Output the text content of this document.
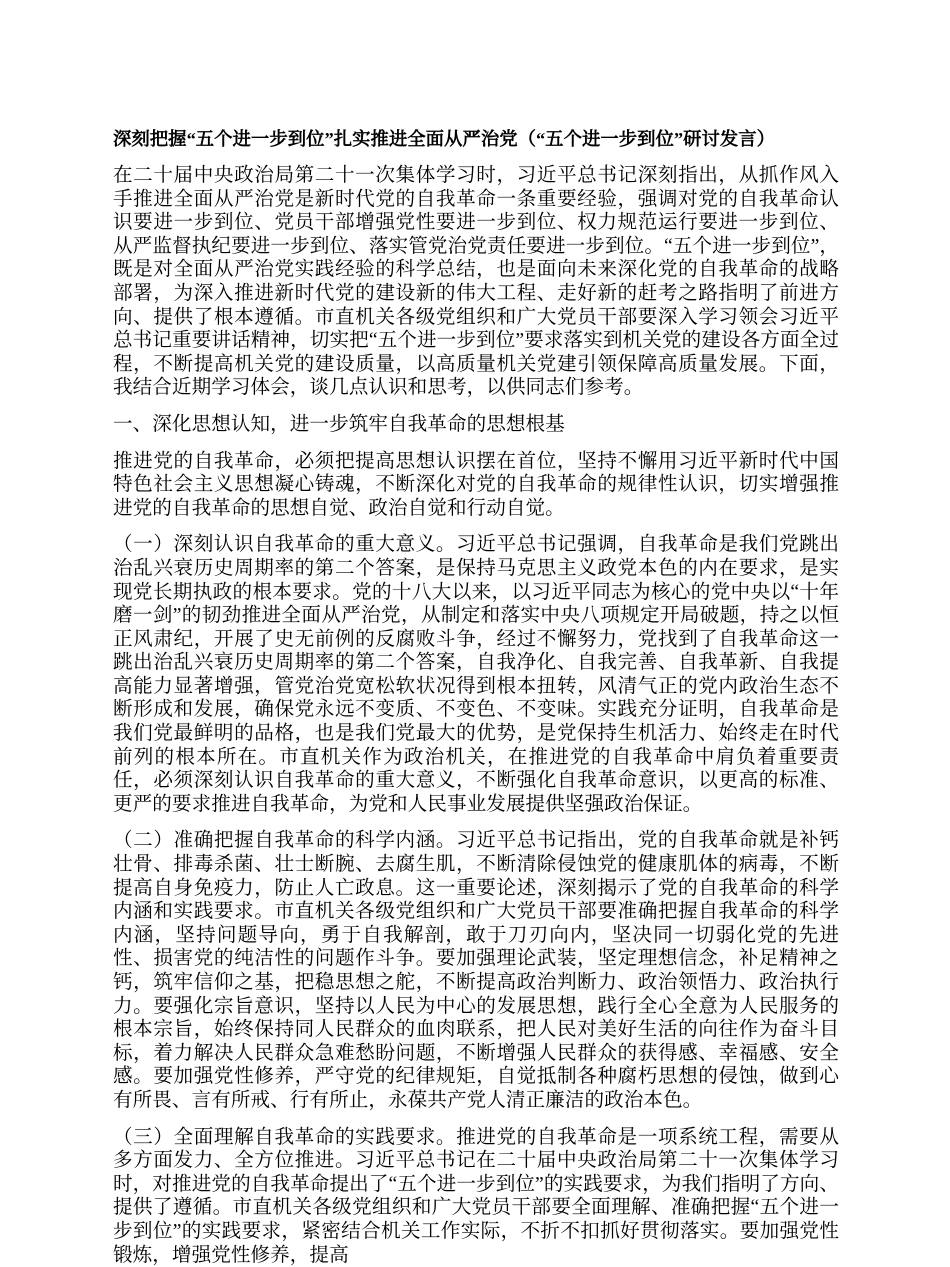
深刻把握“五个进一步到位”扎实推进全面从严治党（“五个进一步到位”研讨发言）

在二十届中央政治局第二十一次集体学习时，习近平总书记深刻指出，从抓作风入手推进全面从严治党是新时代党的自我革命一条重要经验，强调对党的自我革命认识要进一步到位、党员干部增强党性要进一步到位、权力规范运行要进一步到位、从严监督执纪要进一步到位、落实管党治党责任要进一步到位。“五个进一步到位”，既是对全面从严治党实践经验的科学总结，也是面向未来深化党的自我革命的战略部署，为深入推进新时代党的建设新的伟大工程、走好新的赶考之路指明了前进方向、提供了根本遵循。市直机关各级党组织和广大党员干部要深入学习领会习近平总书记重要讲话精神，切实把“五个进一步到位”要求落实到机关党的建设各方面全过程，不断提高机关党的建设质量，以高质量机关党建引领保障高质量发展。下面，我结合近期学习体会，谈几点认识和思考，以供同志们参考。

一、深化思想认知，进一步筑牢自我革命的思想根基

推进党的自我革命，必须把提高思想认识摆在首位，坚持不懈用习近平新时代中国特色社会主义思想凝心铸魂，不断深化对党的自我革命的规律性认识，切实增强推进党的自我革命的思想自觉、政治自觉和行动自觉。

（一）深刻认识自我革命的重大意义。习近平总书记强调，自我革命是我们党跳出治乱兴衰历史周期率的第二个答案，是保持马克思主义政党本色的内在要求，是实现党长期执政的根本要求。党的十八大以来，以习近平同志为核心的党中央以“十年磨一剑”的韧劲推进全面从严治党，从制定和落实中央八项规定开局破题，持之以恒正风肃纪，开展了史无前例的反腐败斗争，经过不懈努力，党找到了自我革命这一跳出治乱兴衰历史周期率的第二个答案，自我净化、自我完善、自我革新、自我提高能力显著增强，管党治党宽松软状况得到根本扭转，风清气正的党内政治生态不断形成和发展，确保党永远不变质、不变色、不变味。实践充分证明，自我革命是我们党最鲜明的品格，也是我们党最大的优势，是党保持生机活力、始终走在时代前列的根本所在。市直机关作为政治机关，在推进党的自我革命中肩负着重要责任，必须深刻认识自我革命的重大意义，不断强化自我革命意识，以更高的标准、更严的要求推进自我革命，为党和人民事业发展提供坚强政治保证。

（二）准确把握自我革命的科学内涵。习近平总书记指出，党的自我革命就是补钙壮骨、排毒杀菌、壮士断腕、去腐生肌，不断清除侵蚀党的健康肌体的病毒，不断提高自身免疫力，防止人亡政息。这一重要论述，深刻揭示了党的自我革命的科学内涵和实践要求。市直机关各级党组织和广大党员干部要准确把握自我革命的科学内涵，坚持问题导向，勇于自我解剖，敢于刀刃向内，坚决同一切弱化党的先进性、损害党的纯洁性的问题作斗争。要加强理论武装，坚定理想信念，补足精神之钙，筑牢信仰之基，把稳思想之舵，不断提高政治判断力、政治领悟力、政治执行力。要强化宗旨意识，坚持以人民为中心的发展思想，践行全心全意为人民服务的根本宗旨，始终保持同人民群众的血肉联系，把人民对美好生活的向往作为奋斗目标，着力解决人民群众急难愁盼问题，不断增强人民群众的获得感、幸福感、安全感。要加强党性修养，严守党的纪律规矩，自觉抵制各种腐朽思想的侵蚀，做到心有所畏、言有所戒、行有所止，永葆共产党人清正廉洁的政治本色。

（三）全面理解自我革命的实践要求。推进党的自我革命是一项系统工程，需要从多方面发力、全方位推进。习近平总书记在二十届中央政治局第二十一次集体学习时，对推进党的自我革命提出了“五个进一步到位”的实践要求，为我们指明了方向、提供了遵循。市直机关各级党组织和广大党员干部要全面理解、准确把握“五个进一步到位”的实践要求，紧密结合机关工作实际，不折不扣抓好贯彻落实。要加强党性锻炼，增强党性修养，提高
